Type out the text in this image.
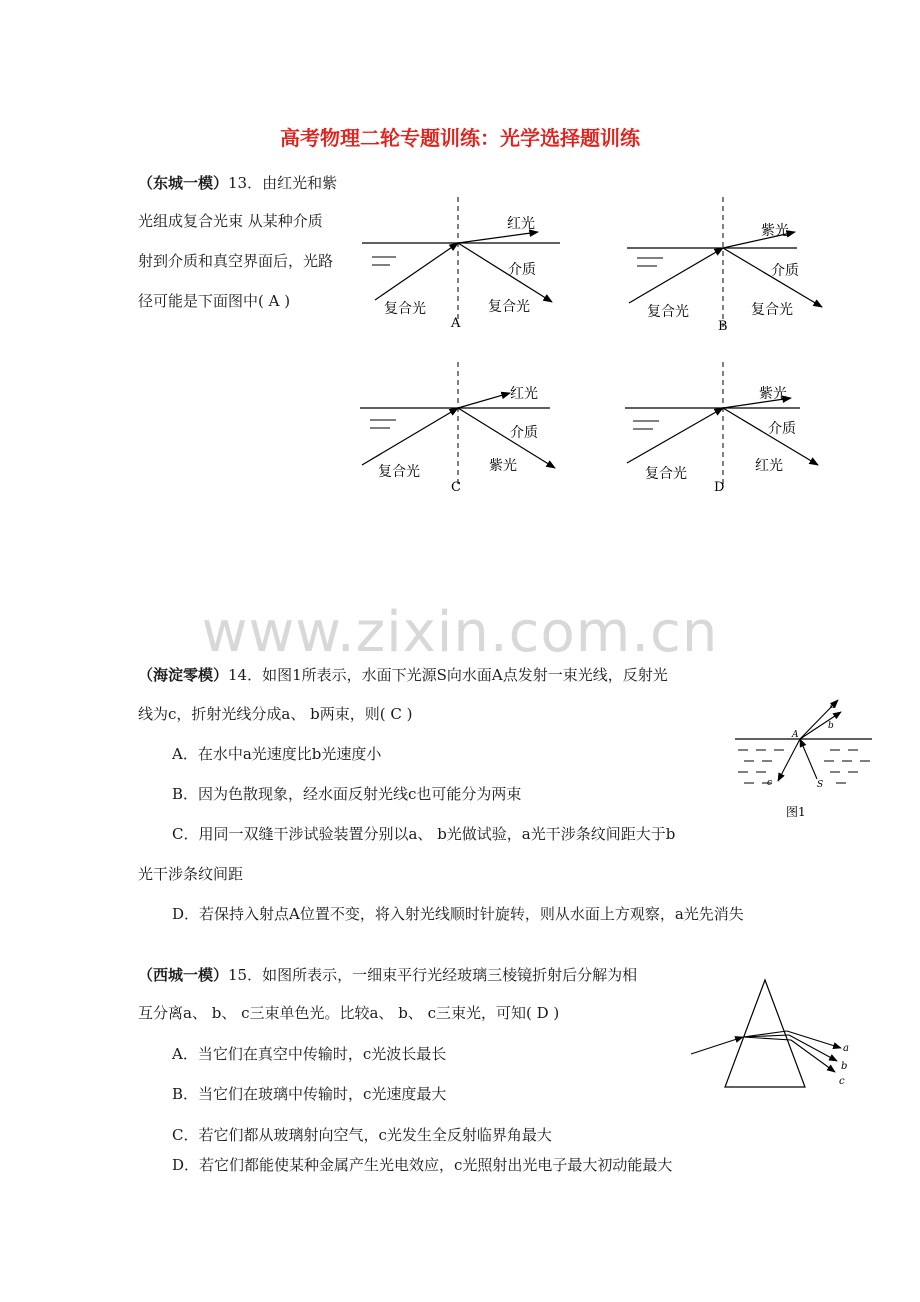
高考物理二轮专题训练：光学选择题训练
（东城一模）13．由红光和紫
光组成复合光束 从某种介质
射到介质和真空界面后，光路
径可能是下面图中( A )
红光
介质
复合光	复合光
A
紫光
介质
复合光	复合光
B
红光
介质
复合光	紫光
C
紫光
介质
复合光	红光
D
www.zixin.com.cn
（海淀零模）14．如图1所表示，水面下光源S向水面A点发射一束光线，反射光
线为c，折射光线分成a、 b两束，则( C )
A．在水中a光速度比b光速度小
B．因为色散现象，经水面反射光线c也可能分为两束
C．用同一双缝干涉试验装置分别以a、 b光做试验，a光干涉条纹间距大于b
光干涉条纹间距
D．若保持入射点A位置不变，将入射光线顺时针旋转，则从水面上方观察，a光先消失
A
a
b
c	S
图1
（西城一模）15．如图所表示，一细束平行光经玻璃三棱镜折射后分解为相
互分离a、 b、 c三束单色光。比较a、 b、 c三束光，可知( D )
A．当它们在真空中传输时，c光波长最长
B．当它们在玻璃中传输时，c光速度最大
C．若它们都从玻璃射向空气，c光发生全反射临界角最大
D．若它们都能使某种金属产生光电效应，c光照射出光电子最大初动能最大
a
b
c
